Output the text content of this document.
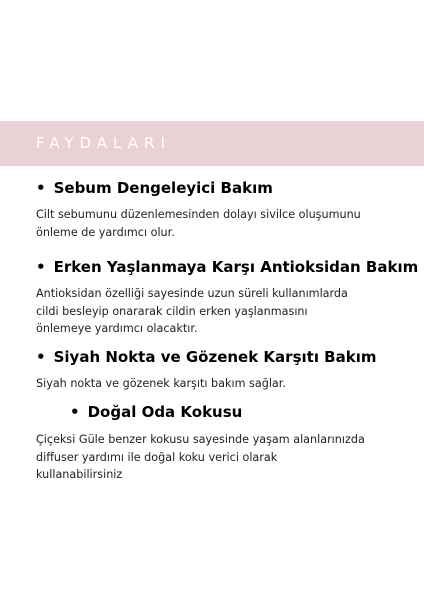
FAYDALARI
• Sebum Dengeleyici Bakım
Cilt sebumunu düzenlemesinden dolayı sivilce oluşumunu
önleme de yardımcı olur.
• Erken Yaşlanmaya Karşı Antioksidan Bakım
Antioksidan özelliği sayesinde uzun süreli kullanımlarda
cildi besleyip onararak cildin erken yaşlanmasını
önlemeye yardımcı olacaktır.
• Siyah Nokta ve Gözenek Karşıtı Bakım
Siyah nokta ve gözenek karşıtı bakım sağlar.
• Doğal Oda Kokusu
Çiçeksi Güle benzer kokusu sayesinde yaşam alanlarınızda
diffuser yardımı ile doğal koku verici olarak
kullanabilirsiniz
